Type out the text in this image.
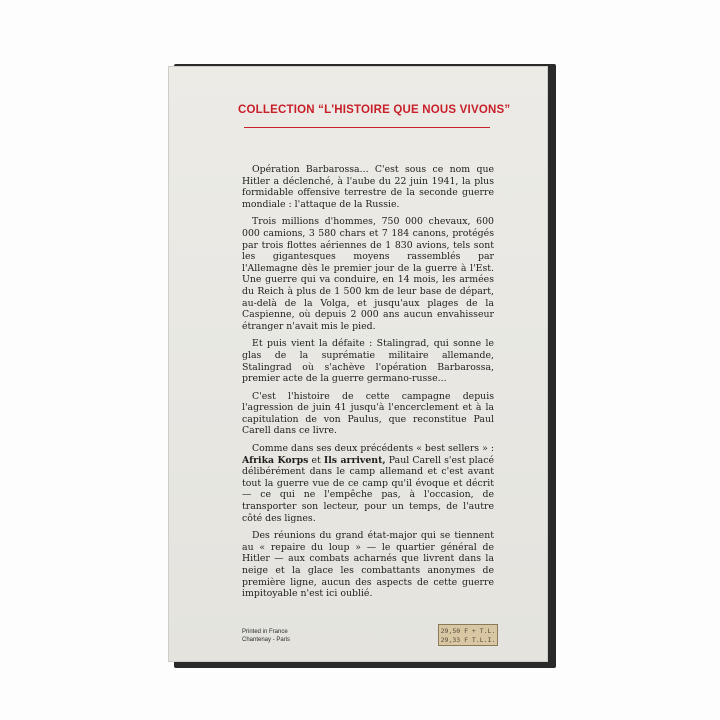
COLLECTION “L'HISTOIRE QUE NOUS VIVONS”

Opération Barbarossa... C'est sous ce nom que Hitler a déclenché, à l'aube du 22 juin 1941, la plus formidable offensive terrestre de la seconde guerre mondiale : l'attaque de la Russie.

Trois millions d'hommes, 750 000 chevaux, 600 000 camions, 3 580 chars et 7 184 canons, protégés par trois flottes aériennes de 1 830 avions, tels sont les gigantesques moyens rassemblés par l'Allemagne dès le premier jour de la guerre à l'Est. Une guerre qui va conduire, en 14 mois, les armées du Reich à plus de 1 500 km de leur base de départ, au-delà de la Volga, et jusqu'aux plages de la Caspienne, où depuis 2 000 ans aucun envahisseur étranger n'avait mis le pied.

Et puis vient la défaite : Stalingrad, qui sonne le glas de la suprématie militaire allemande, Stalingrad où s'achève l'opération Barbarossa, premier acte de la guerre germano-russe...

C'est l'histoire de cette campagne depuis l'agression de juin 41 jusqu'à l'encerclement et à la capitulation de von Paulus, que reconstitue Paul Carell dans ce livre.

Comme dans ses deux précédents « best sellers » : Afrika Korps et Ils arrivent, Paul Carell s'est placé délibérément dans le camp allemand et c'est avant tout la guerre vue de ce camp qu'il évoque et décrit — ce qui ne l'empêche pas, à l'occasion, de transporter son lecteur, pour un temps, de l'autre côté des lignes.

Des réunions du grand état-major qui se tiennent au « repaire du loup » — le quartier général de Hitler — aux combats acharnés que livrent dans la neige et la glace les combattants anonymes de première ligne, aucun des aspects de cette guerre impitoyable n'est ici oublié.

Printed in France
Chantenay - Paris
29,50 F + T.L.
29,33 F T.L.I.
